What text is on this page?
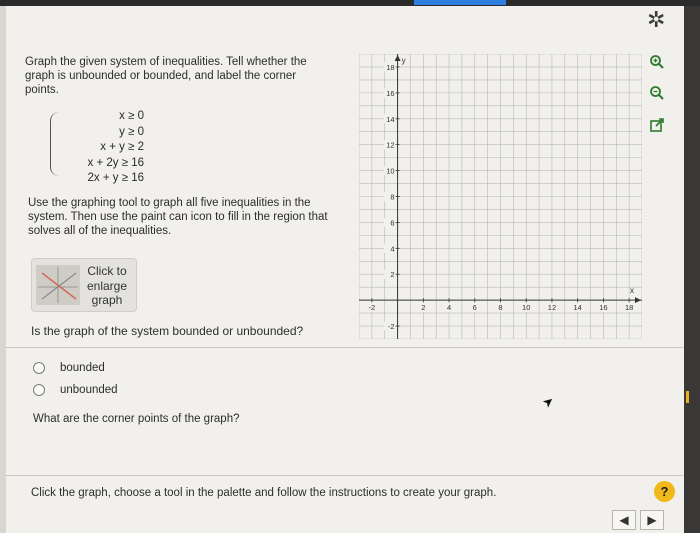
✲
Graph the given system of inequalities. Tell whether the graph is unbounded or bounded, and label the corner points.
x ≥ 0
y ≥ 0
x + y ≥ 2
x + 2y ≥ 16
2x + y ≥ 16
Use the graphing tool to graph all five inequalities in the system. Then use the paint can icon to fill in the region that solves all of the inequalities.
Click to
enlarge
graph
Is the graph of the system bounded or unbounded?
bounded
unbounded
What are the corner points of the graph?
Click the graph, choose a tool in the palette and follow the instructions to create your graph.	?
◀	▶
➤
x
y
-2	2	4	6	8	10 12 14 16 18
18
16
14
12
10
8
6
4
2
-2
